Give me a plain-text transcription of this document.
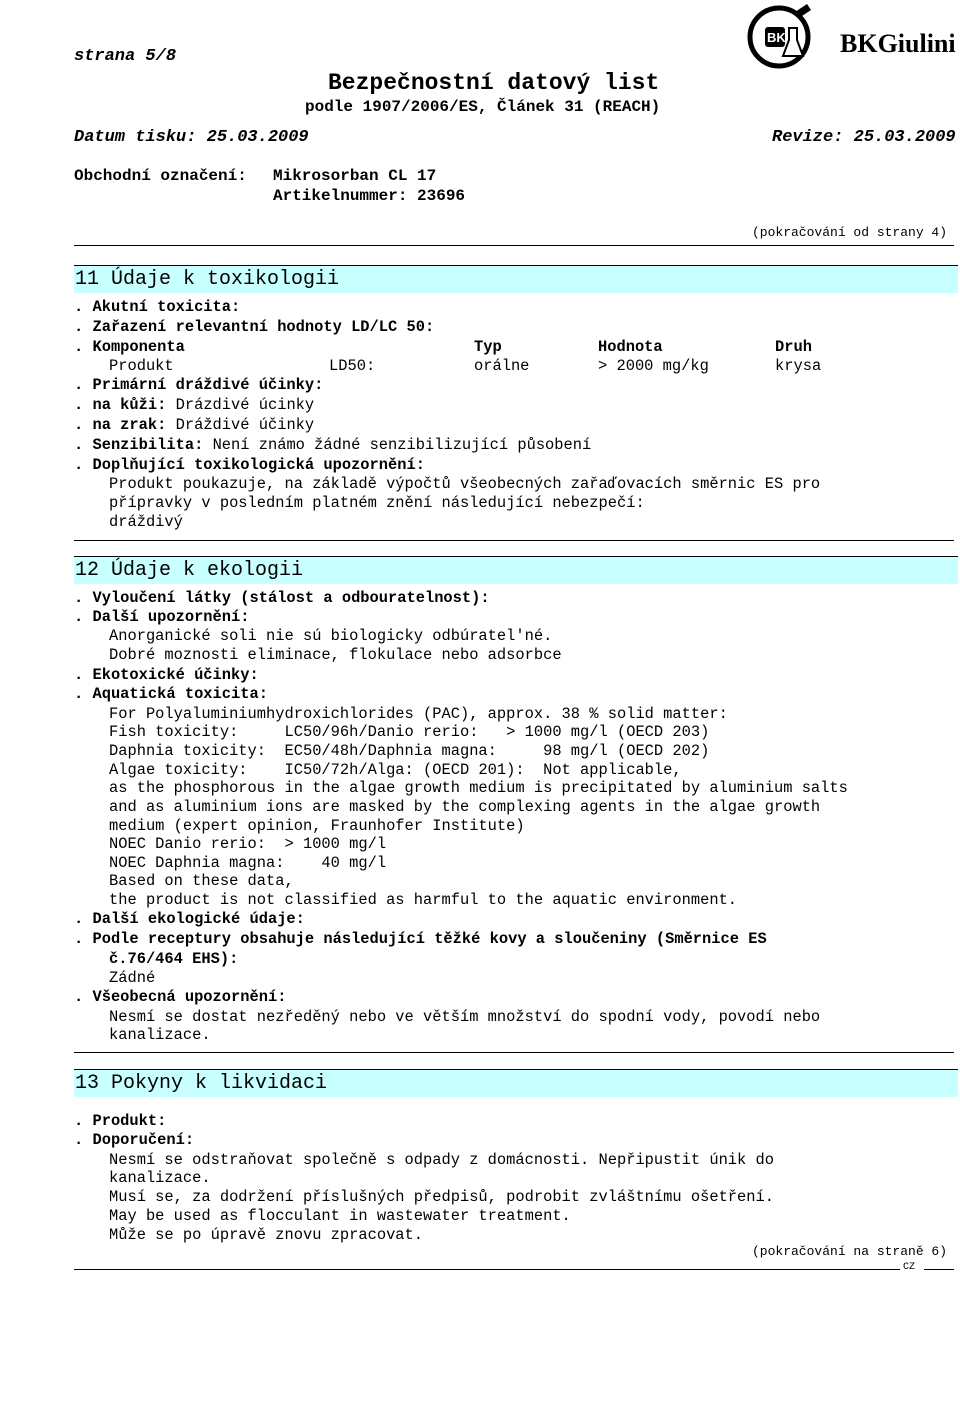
strana 5/8
Bezpečnostní datový list
podle 1907/2006/ES, Článek 31 (REACH)
BK BKGiulini
Datum tisku: 25.03.2009	Revize: 25.03.2009
Obchodní označení: Mikrosorban CL 17
Artikelnummer: 23696
(pokračování od strany 4)
11 Údaje k toxikologii
. Akutní toxicita:
. Zařazení relevantní hodnoty LD/LC 50:
. Komponenta	Typ	Hodnota	Druh
Produkt	LD50:	orálne	> 2000 mg/kg	krysa
. Primární dráždivé účinky:
. na kůži: Drázdivé úcinky
. na zrak: Dráždivé účinky
. Senzibilita: Není známo žádné senzibilizující působení
. Doplňující toxikologická upozornění:
Produkt poukazuje, na základě výpočtů všeobecných zařaďovacích směrnic ES pro
přípravky v posledním platném znění následující nebezpečí:
dráždivý
12 Údaje k ekologii
. Vyloučení látky (stálost a odbouratelnost):
. Další upozornění:
Anorganické soli nie sú biologicky odbúratel'né.
Dobré moznosti eliminace, flokulace nebo adsorbce
. Ekotoxické účinky:
. Aquatická toxicita:
For Polyaluminiumhydroxichlorides (PAC), approx. 38 % solid matter:
Fish toxicity:     LC50/96h/Danio rerio:   > 1000 mg/l (OECD 203)
Daphnia toxicity:  EC50/48h/Daphnia magna:     98 mg/l (OECD 202)
Algae toxicity:    IC50/72h/Alga: (OECD 201):  Not applicable,
as the phosphorous in the algae growth medium is precipitated by aluminium salts
and as aluminium ions are masked by the complexing agents in the algae growth
medium (expert opinion, Fraunhofer Institute)
NOEC Danio rerio:  > 1000 mg/l
NOEC Daphnia magna:    40 mg/l
Based on these data,
the product is not classified as harmful to the aquatic environment.
. Další ekologické údaje:
. Podle receptury obsahuje následující těžké kovy a sloučeniny (Směrnice ES
č.76/464 EHS):
Zádné
. Všeobecná upozornění:
Nesmí se dostat nezředěný nebo ve větším množství do spodní vody, povodí nebo
kanalizace.
13 Pokyny k likvidaci
. Produkt:
. Doporučení:
Nesmí se odstraňovat společně s odpady z domácnosti. Nepřipustit únik do
kanalizace.
Musí se, za dodržení příslušných předpisů, podrobit zvláštnímu ošetření.
May be used as flocculant in wastewater treatment.
Může se po úpravě znovu zpracovat.
(pokračování na straně 6)
CZ
